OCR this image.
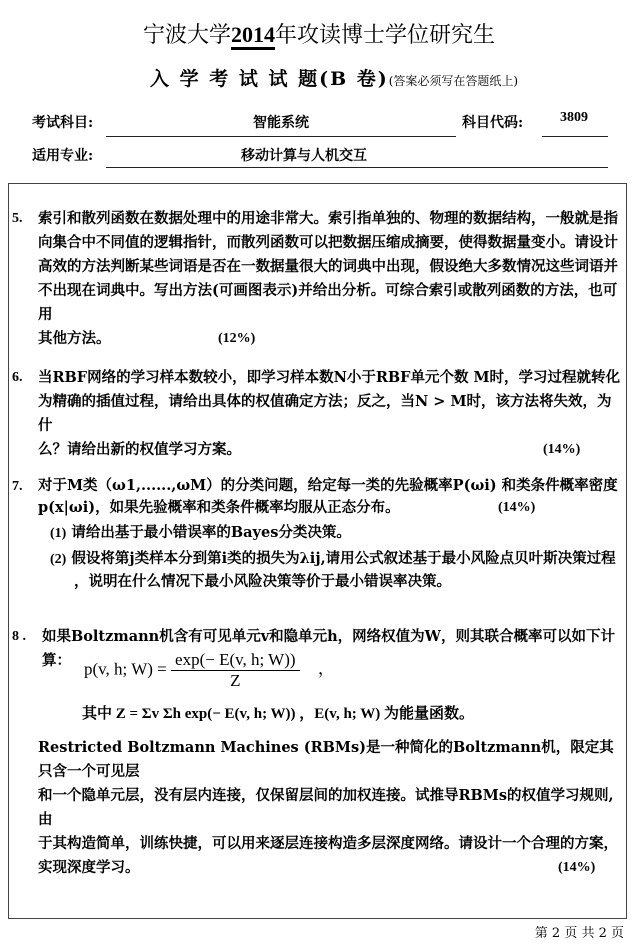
宁波大学2014年攻读博士学位研究生
入 学 考 试 试 题(B 卷)(答案必须写在答题纸上)
考试科目:	智能系统	科目代码:	3809
适用专业:	移动计算与人机交互
5. 索引和散列函数在数据处理中的用途非常大。索引指单独的、物理的数据结构，一般就是指
向集合中不同值的逻辑指针，而散列函数可以把数据压缩成摘要，使得数据量变小。请设计
高效的方法判断某些词语是否在一数据量很大的词典中出现，假设绝大多数情况这些词语并
不出现在词典中。写出方法(可画图表示)并给出分析。可综合索引或散列函数的方法，也可用
其他方法。	(12%)
6. 当RBF网络的学习样本数较小，即学习样本数N小于RBF单元个数 M时，学习过程就转化
为精确的插值过程，请给出具体的权值确定方法；反之，当N > M时，该方法将失效，为什
么？请给出新的权值学习方案。	(14%)
7. 对于M类（ω1,......,ωM）的分类问题，给定每一类的先验概率P(ωi) 和类条件概率密度
p(x|ωi)，如果先验概率和类条件概率均服从正态分布。	(14%)
(1) 请给出基于最小错误率的Bayes分类决策。
(2) 假设将第j类样本分到第i类的损失为λij,请用公式叙述基于最小风险点贝叶斯决策过程
，说明在什么情况下最小风险决策等价于最小错误率决策。
8 . 如果Boltzmann机含有可见单元v和隐单元h，网络权值为W，则其联合概率可以如下计算： p(v, h; $W) = \frac{\exp(- E(v, h; W))}{Z}$ ，
其中 Z = Σv Σh exp(− E(v, h; W)) ，E(v, h; W) 为能量函数。
Restricted Boltzmann Machines (RBMs)是一种简化的Boltzmann机，限定其只含一个可见层
和一个隐单元层，没有层内连接，仅保留层间的加权连接。试推导RBMs的权值学习规则,由
于其构造简单，训练快捷，可以用来逐层连接构造多层深度网络。请设计一个合理的方案，
实现深度学习。	(14%)
第 2 页 共 2 页
